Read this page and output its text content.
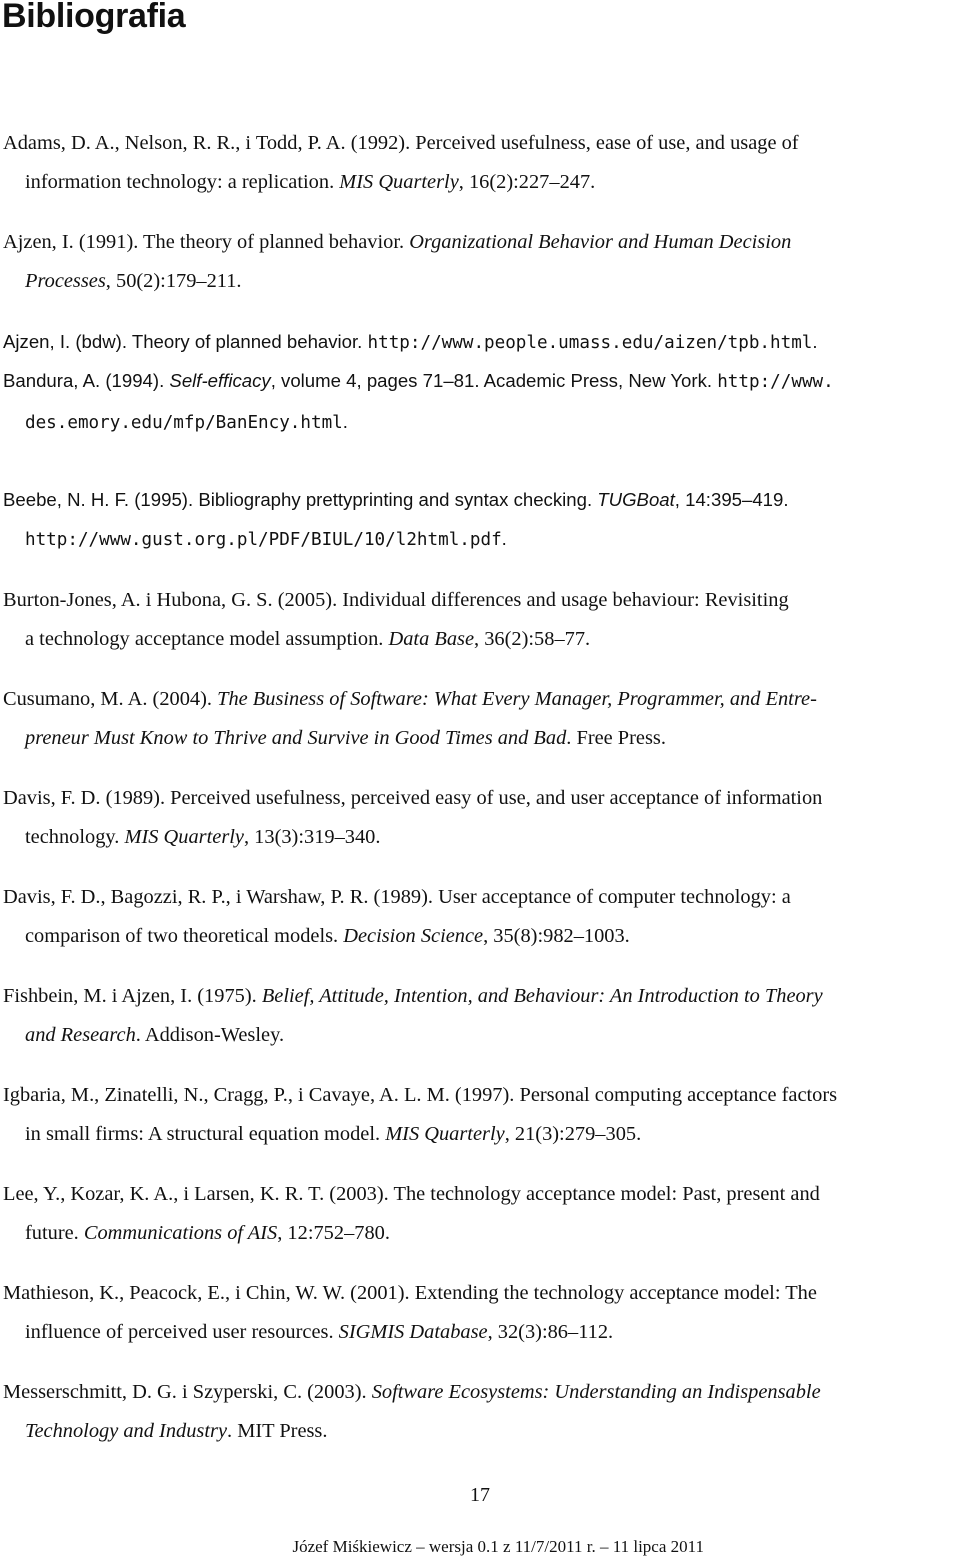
Bibliografia

Adams, D. A., Nelson, R. R., i Todd, P. A. (1992). Perceived usefulness, ease of use, and usage of
information technology: a replication. MIS Quarterly, 16(2):227–247.

Ajzen, I. (1991). The theory of planned behavior. Organizational Behavior and Human Decision
Processes, 50(2):179–211.

Ajzen, I. (bdw). Theory of planned behavior. http://www.people.umass.edu/aizen/tpb.html.

Bandura, A. (1994). Self-efficacy, volume 4, pages 71–81. Academic Press, New York. http://www.
des.emory.edu/mfp/BanEncy.html.

Beebe, N. H. F. (1995). Bibliography prettyprinting and syntax checking. TUGBoat, 14:395–419.
http://www.gust.org.pl/PDF/BIUL/10/l2html.pdf.

Burton-Jones, A. i Hubona, G. S. (2005). Individual differences and usage behaviour: Revisiting
a technology acceptance model assumption. Data Base, 36(2):58–77.

Cusumano, M. A. (2004). The Business of Software: What Every Manager, Programmer, and Entre-
preneur Must Know to Thrive and Survive in Good Times and Bad. Free Press.

Davis, F. D. (1989). Perceived usefulness, perceived easy of use, and user acceptance of information
technology. MIS Quarterly, 13(3):319–340.

Davis, F. D., Bagozzi, R. P., i Warshaw, P. R. (1989). User acceptance of computer technology: a
comparison of two theoretical models. Decision Science, 35(8):982–1003.

Fishbein, M. i Ajzen, I. (1975). Belief, Attitude, Intention, and Behaviour: An Introduction to Theory
and Research. Addison-Wesley.

Igbaria, M., Zinatelli, N., Cragg, P., i Cavaye, A. L. M. (1997). Personal computing acceptance factors
in small firms: A structural equation model. MIS Quarterly, 21(3):279–305.

Lee, Y., Kozar, K. A., i Larsen, K. R. T. (2003). The technology acceptance model: Past, present and
future. Communications of AIS, 12:752–780.

Mathieson, K., Peacock, E., i Chin, W. W. (2001). Extending the technology acceptance model: The
influence of perceived user resources. SIGMIS Database, 32(3):86–112.

Messerschmitt, D. G. i Szyperski, C. (2003). Software Ecosystems: Understanding an Indispensable
Technology and Industry. MIT Press.

17
Józef Miśkiewicz – wersja 0.1 z 11/7/2011 r. – 11 lipca 2011
